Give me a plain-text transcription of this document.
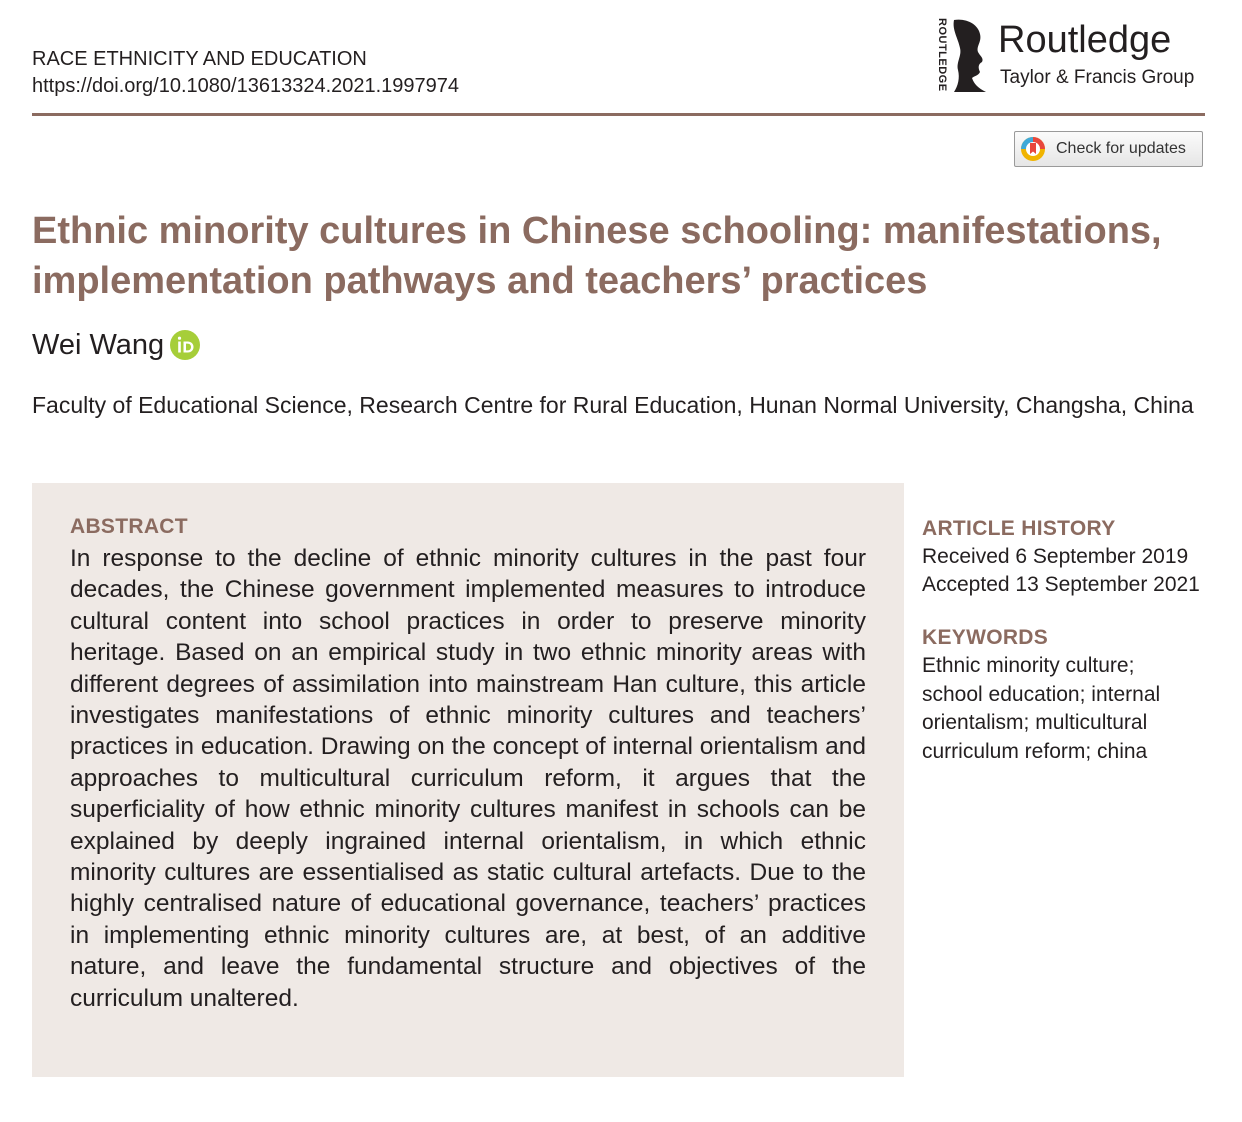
RACE ETHNICITY AND EDUCATION
https://doi.org/10.1080/13613324.2021.1997974	ROUTLEDGE Routledge
Taylor & Francis Group
Check for updates
Ethnic minority cultures in Chinese schooling: manifestations, implementation pathways and teachers’ practices
Wei Wang
Faculty of Educational Science, Research Centre for Rural Education, Hunan Normal University, Changsha, China
ABSTRACT

In response to the decline of ethnic minority cultures in the past four decades, the Chinese government implemented measures to introduce cultural content into school practices in order to preserve minority heritage. Based on an empirical study in two ethnic minority areas with different degrees of assimilation into mainstream Han culture, this article investigates manifestations of ethnic minority cultures and teachers’ practices in education. Drawing on the concept of internal orientalism and approaches to multicultural curriculum reform, it argues that the superficiality of how ethnic minority cultures manifest in schools can be explained by deeply ingrained internal orientalism, in which ethnic minority cultures are essentialised as static cultural artefacts. Due to the highly centralised nature of educational governance, teachers’ practices in implementing ethnic minority cultures are, at best, of an additive nature, and leave the fundamental structure and objectives of the curriculum unaltered.

ARTICLE HISTORY
Received 6 September 2019
Accepted 13 September 2021
KEYWORDS
Ethnic minority culture; school education; internal orientalism; multicultural curriculum reform; china
